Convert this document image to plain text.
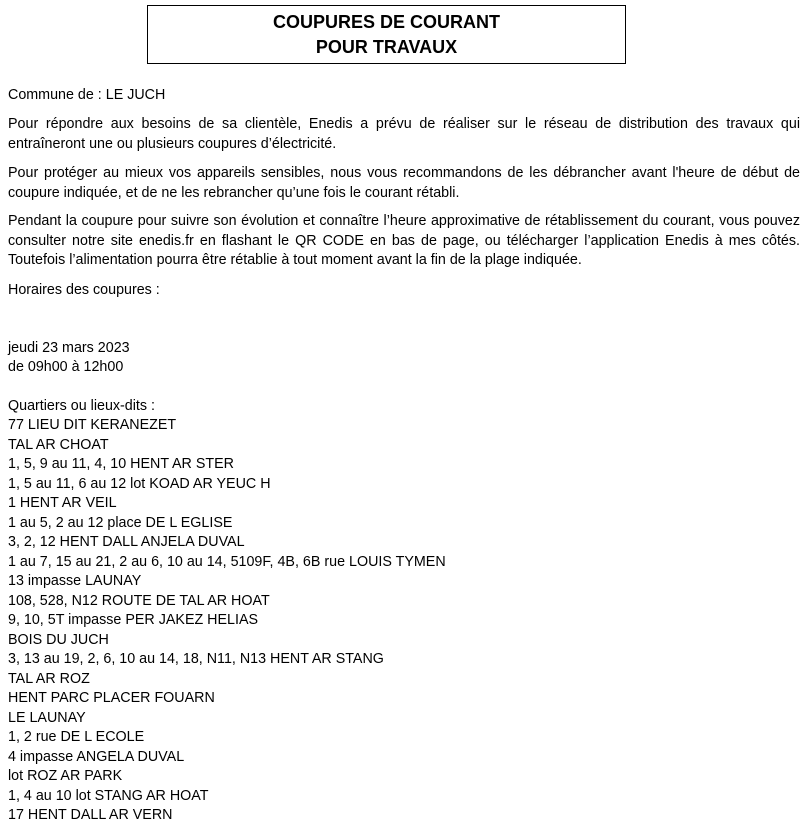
COUPURES DE COURANT
POUR TRAVAUX
Commune de : LE JUCH

Pour répondre aux besoins de sa clientèle, Enedis a prévu de réaliser sur le réseau de distribution des travaux qui entraîneront une ou plusieurs coupures d’électricité.

Pour protéger au mieux vos appareils sensibles, nous vous recommandons de les débrancher avant l'heure de début de coupure indiquée, et de ne les rebrancher qu’une fois le courant rétabli.

Pendant la coupure pour suivre son évolution et connaître l’heure approximative de rétablissement du courant, vous pouvez consulter notre site enedis.fr en flashant le QR CODE en bas de page, ou télécharger l’application Enedis à mes côtés. Toutefois l’alimentation pourra être rétablie à tout moment avant la fin de la plage indiquée.

Horaires des coupures :
jeudi 23 mars 2023
de 09h00 à 12h00
Quartiers ou lieux-dits :
77 LIEU DIT KERANEZET
TAL AR CHOAT
1, 5, 9 au 11, 4, 10 HENT AR STER
1, 5 au 11, 6 au 12 lot KOAD AR YEUC H
1 HENT AR VEIL
1 au 5, 2 au 12 place DE L EGLISE
3, 2, 12 HENT DALL ANJELA DUVAL
1 au 7, 15 au 21, 2 au 6, 10 au 14, 5109F, 4B, 6B rue LOUIS TYMEN
13 impasse LAUNAY
108, 528, N12 ROUTE DE TAL AR HOAT
9, 10, 5T impasse PER JAKEZ HELIAS
BOIS DU JUCH
3, 13 au 19, 2, 6, 10 au 14, 18, N11, N13 HENT AR STANG
TAL AR ROZ
HENT PARC PLACER FOUARN
LE LAUNAY
1, 2 rue DE L ECOLE
4 impasse ANGELA DUVAL
lot ROZ AR PARK
1, 4 au 10 lot STANG AR HOAT
17 HENT DALL AR VERN
